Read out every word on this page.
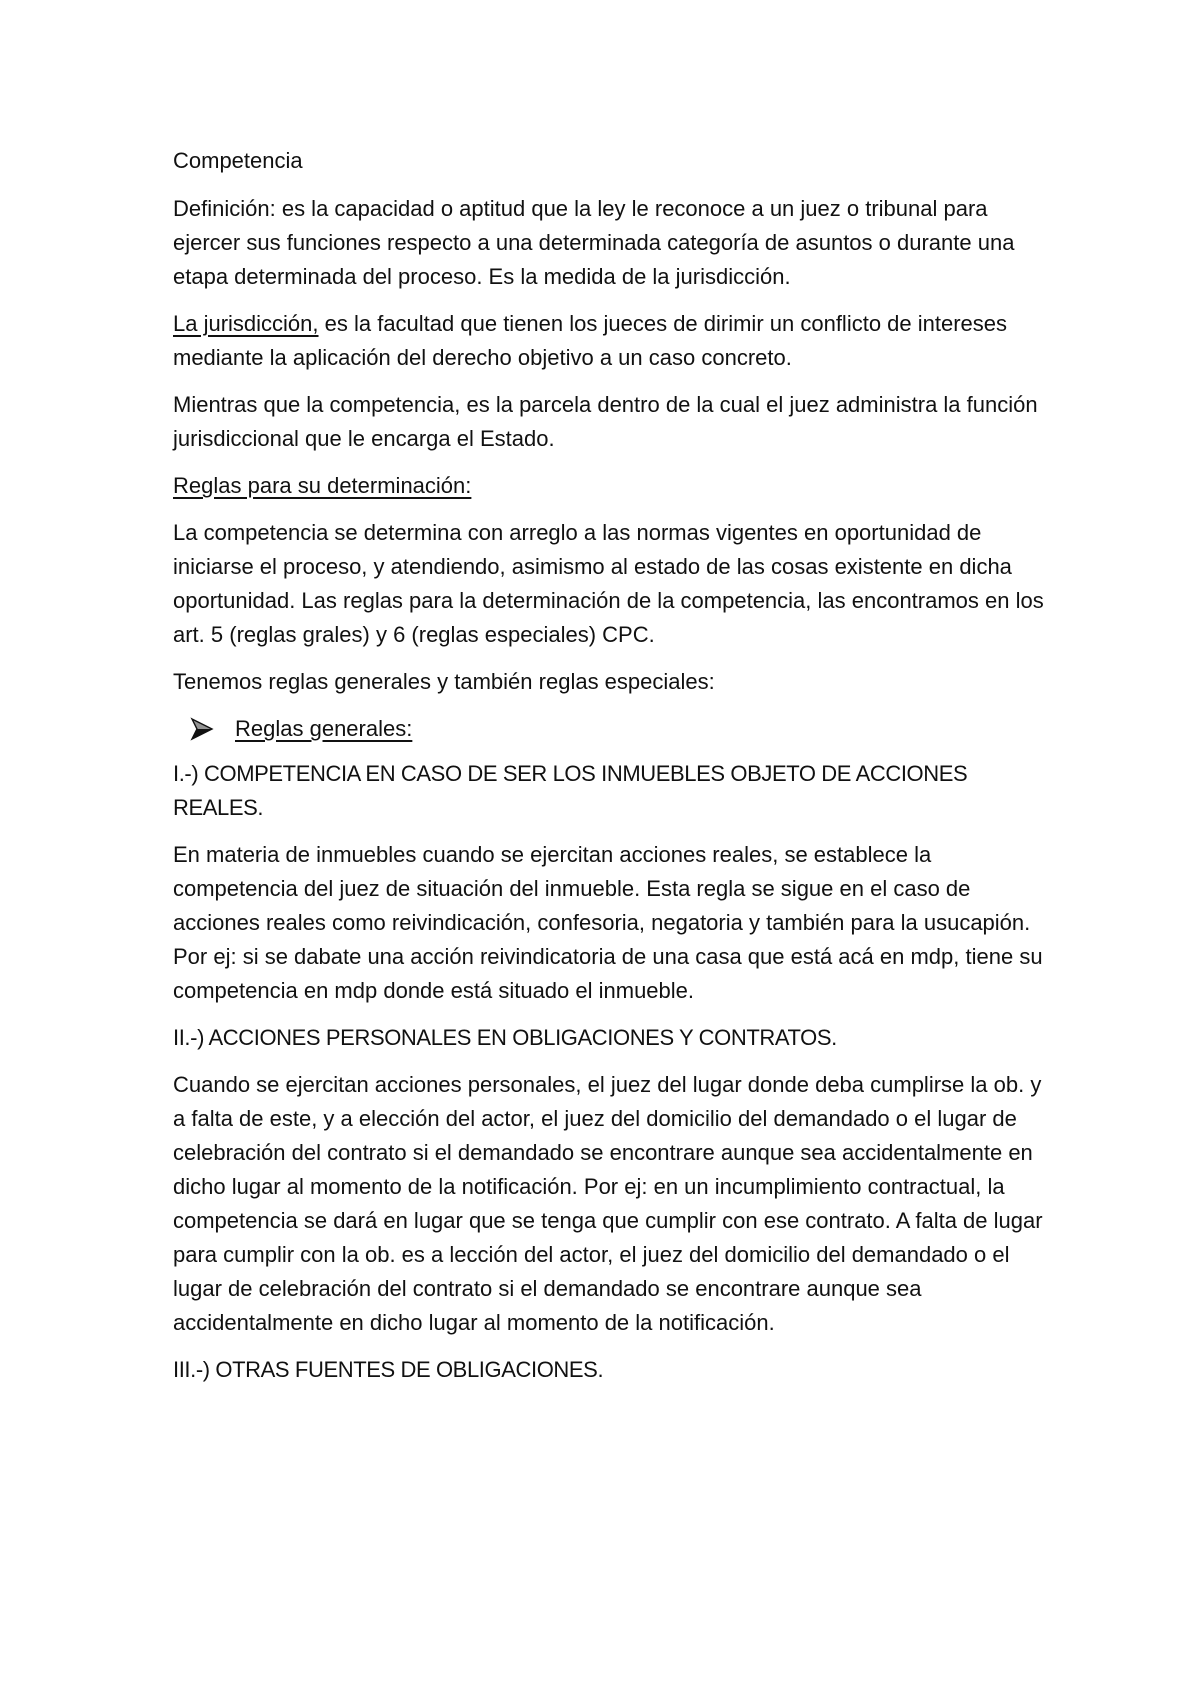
Competencia

Definición: es la capacidad o aptitud que la ley le reconoce a un juez o tribunal para ejercer sus funciones respecto a una determinada categoría de asuntos o durante una etapa determinada del proceso. Es la medida de la jurisdicción.

La jurisdicción, es la facultad que tienen los jueces de dirimir un conflicto de intereses mediante la aplicación del derecho objetivo a un caso concreto.

Mientras que la competencia, es la parcela dentro de la cual el juez administra la función jurisdiccional que le encarga el Estado.

Reglas para su determinación:

La competencia se determina con arreglo a las normas vigentes en oportunidad de iniciarse el proceso, y atendiendo, asimismo al estado de las cosas existente en dicha oportunidad. Las reglas para la determinación de la competencia, las encontramos en los art. 5 (reglas grales) y 6 (reglas especiales) CPC.

Tenemos reglas generales y también reglas especiales:

Reglas generales:

I.-) COMPETENCIA EN CASO DE SER LOS INMUEBLES OBJETO DE ACCIONES REALES.

En materia de inmuebles cuando se ejercitan acciones reales, se establece la competencia del juez de situación del inmueble. Esta regla se sigue en el caso de acciones reales como reivindicación, confesoria, negatoria y también para la usucapión. Por ej: si se dabate una acción reivindicatoria de una casa que está acá en mdp, tiene su competencia en mdp donde está situado el inmueble.

II.-) ACCIONES PERSONALES EN OBLIGACIONES Y CONTRATOS.

Cuando se ejercitan acciones personales, el juez del lugar donde deba cumplirse la ob. y a falta de este, y a elección del actor, el juez del domicilio del demandado o el lugar de celebración del contrato si el demandado se encontrare aunque sea accidentalmente en dicho lugar al momento de la notificación. Por ej: en un incumplimiento contractual, la competencia se dará en lugar que se tenga que cumplir con ese contrato. A falta de lugar para cumplir con la ob. es a lección del actor, el juez del domicilio del demandado o el lugar de celebración del contrato si el demandado se encontrare aunque sea accidentalmente en dicho lugar al momento de la notificación.

III.-) OTRAS FUENTES DE OBLIGACIONES.
